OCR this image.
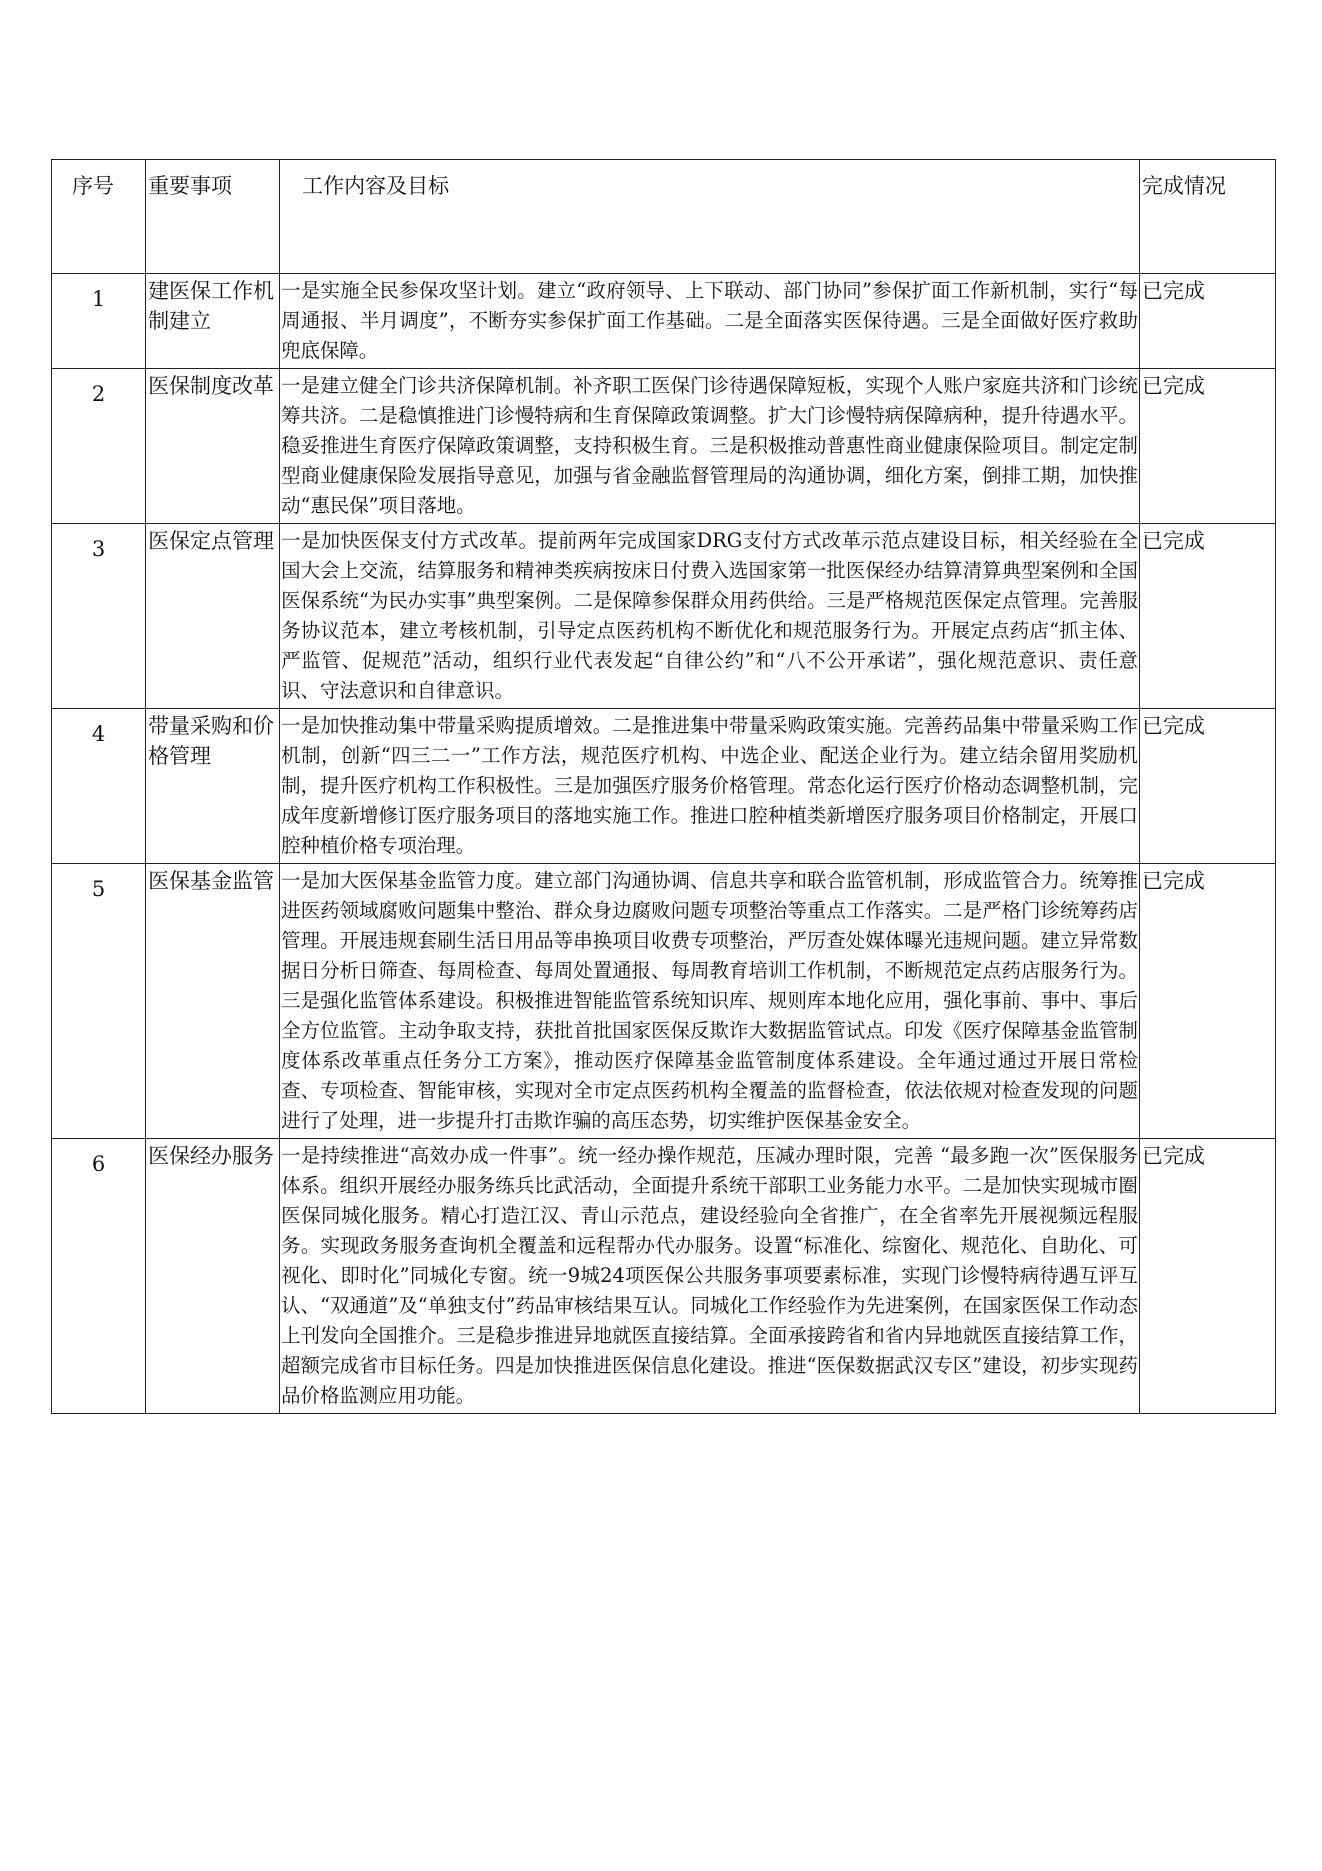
序号	重要事项	工作内容及目标	完成情况

1	建医保工作机制建立	一是实施全民参保攻坚计划。建立“政府领导、上下联动、部门协同”参保扩面工作新机制，实行“每周通报、半月调度”，不断夯实参保扩面工作基础。二是全面落实医保待遇。三是全面做好医疗救助兜底保障。	已完成

2	医保制度改革	一是建立健全门诊共济保障机制。补齐职工医保门诊待遇保障短板，实现个人账户家庭共济和门诊统筹共济。二是稳慎推进门诊慢特病和生育保障政策调整。扩大门诊慢特病保障病种，提升待遇水平。稳妥推进生育医疗保障政策调整，支持积极生育。三是积极推动普惠性商业健康保险项目。制定定制型商业健康保险发展指导意见，加强与省金融监督管理局的沟通协调，细化方案，倒排工期，加快推动“惠民保”项目落地。	已完成

3	医保定点管理	一是加快医保支付方式改革。提前两年完成国家DRG支付方式改革示范点建设目标，相关经验在全国大会上交流，结算服务和精神类疾病按床日付费入选国家第一批医保经办结算清算典型案例和全国医保系统“为民办实事”典型案例。二是保障参保群众用药供给。三是严格规范医保定点管理。完善服务协议范本，建立考核机制，引导定点医药机构不断优化和规范服务行为。开展定点药店“抓主体、严监管、促规范”活动，组织行业代表发起“自律公约”和“八不公开承诺”，强化规范意识、责任意识、守法意识和自律意识。	已完成

4	带量采购和价格管理	一是加快推动集中带量采购提质增效。二是推进集中带量采购政策实施。完善药品集中带量采购工作机制，创新“四三二一”工作方法，规范医疗机构、中选企业、配送企业行为。建立结余留用奖励机制，提升医疗机构工作积极性。三是加强医疗服务价格管理。常态化运行医疗价格动态调整机制，完成年度新增修订医疗服务项目的落地实施工作。推进口腔种植类新增医疗服务项目价格制定，开展口腔种植价格专项治理。	已完成

5	医保基金监管	一是加大医保基金监管力度。建立部门沟通协调、信息共享和联合监管机制，形成监管合力。统筹推进医药领域腐败问题集中整治、群众身边腐败问题专项整治等重点工作落实。二是严格门诊统筹药店管理。开展违规套刷生活日用品等串换项目收费专项整治，严厉查处媒体曝光违规问题。建立异常数据日分析日筛查、每周检查、每周处置通报、每周教育培训工作机制，不断规范定点药店服务行为。三是强化监管体系建设。积极推进智能监管系统知识库、规则库本地化应用，强化事前、事中、事后全方位监管。主动争取支持，获批首批国家医保反欺诈大数据监管试点。印发《医疗保障基金监管制度体系改革重点任务分工方案》，推动医疗保障基金监管制度体系建设。全年通过通过开展日常检查、专项检查、智能审核，实现对全市定点医药机构全覆盖的监督检查，依法依规对检查发现的问题进行了处理，进一步提升打击欺诈骗的高压态势，切实维护医保基金安全。	已完成

6	医保经办服务	一是持续推进“高效办成一件事”。统一经办操作规范，压减办理时限，完善 “最多跑一次”医保服务体系。组织开展经办服务练兵比武活动，全面提升系统干部职工业务能力水平。二是加快实现城市圈医保同城化服务。精心打造江汉、青山示范点，建设经验向全省推广，在全省率先开展视频远程服务。实现政务服务查询机全覆盖和远程帮办代办服务。设置“标准化、综窗化、规范化、自助化、可视化、即时化”同城化专窗。统一9城24项医保公共服务事项要素标准，实现门诊慢特病待遇互评互认、“双通道”及“单独支付”药品审核结果互认。同城化工作经验作为先进案例，在国家医保工作动态上刊发向全国推介。三是稳步推进异地就医直接结算。全面承接跨省和省内异地就医直接结算工作，超额完成省市目标任务。四是加快推进医保信息化建设。推进“医保数据武汉专区”建设，初步实现药品价格监测应用功能。	已完成
